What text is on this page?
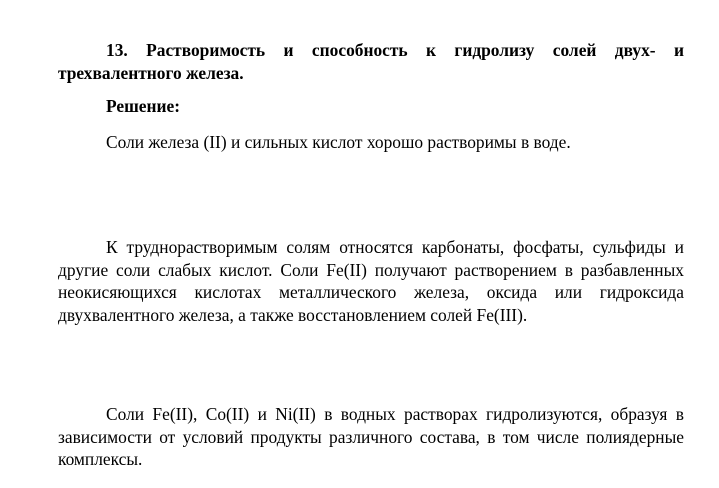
13. Растворимость и способность к гидролизу солей двух- и трехвалентного железа.

Решение:

Соли железа (II) и сильных кислот хорошо растворимы в воде.

К труднорастворимым солям относятся карбонаты, фосфаты, сульфиды и другие соли слабых кислот. Соли Fe(II) получают растворением в разбавленных неокисяющихся кислотах металлического железа, оксида или гидроксида двухвалентного железа, а также восстановлением солей Fe(III).

Соли Fe(II), Co(II) и Ni(II) в водных растворах гидролизуются, образуя в зависимости от условий продукты различного состава, в том числе полиядерные комплексы.
